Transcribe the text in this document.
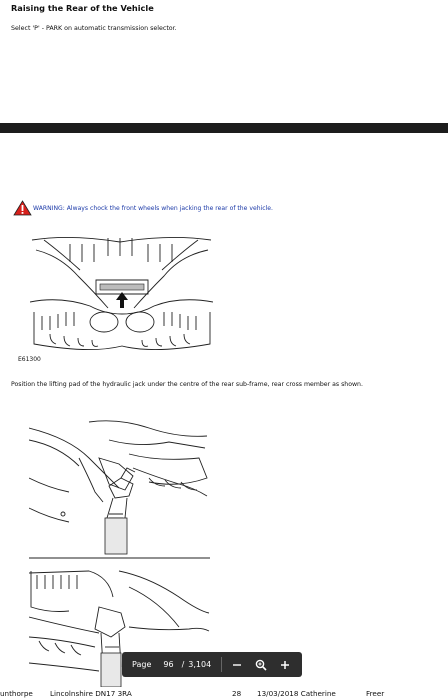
Raising the Rear of the Vehicle
Select 'P' - PARK on automatic transmission selector.
WARNING: Always chock the front wheels when jacking the rear of the vehicle.
E61300
Position the lifting pad of the hydraulic jack under the centre of the rear sub-frame, rear cross member as shown.
Page 96 / 3,104
unthorpe Lincolnshire DN17 3RA	28 13/03/2018 Catherine	Freer
